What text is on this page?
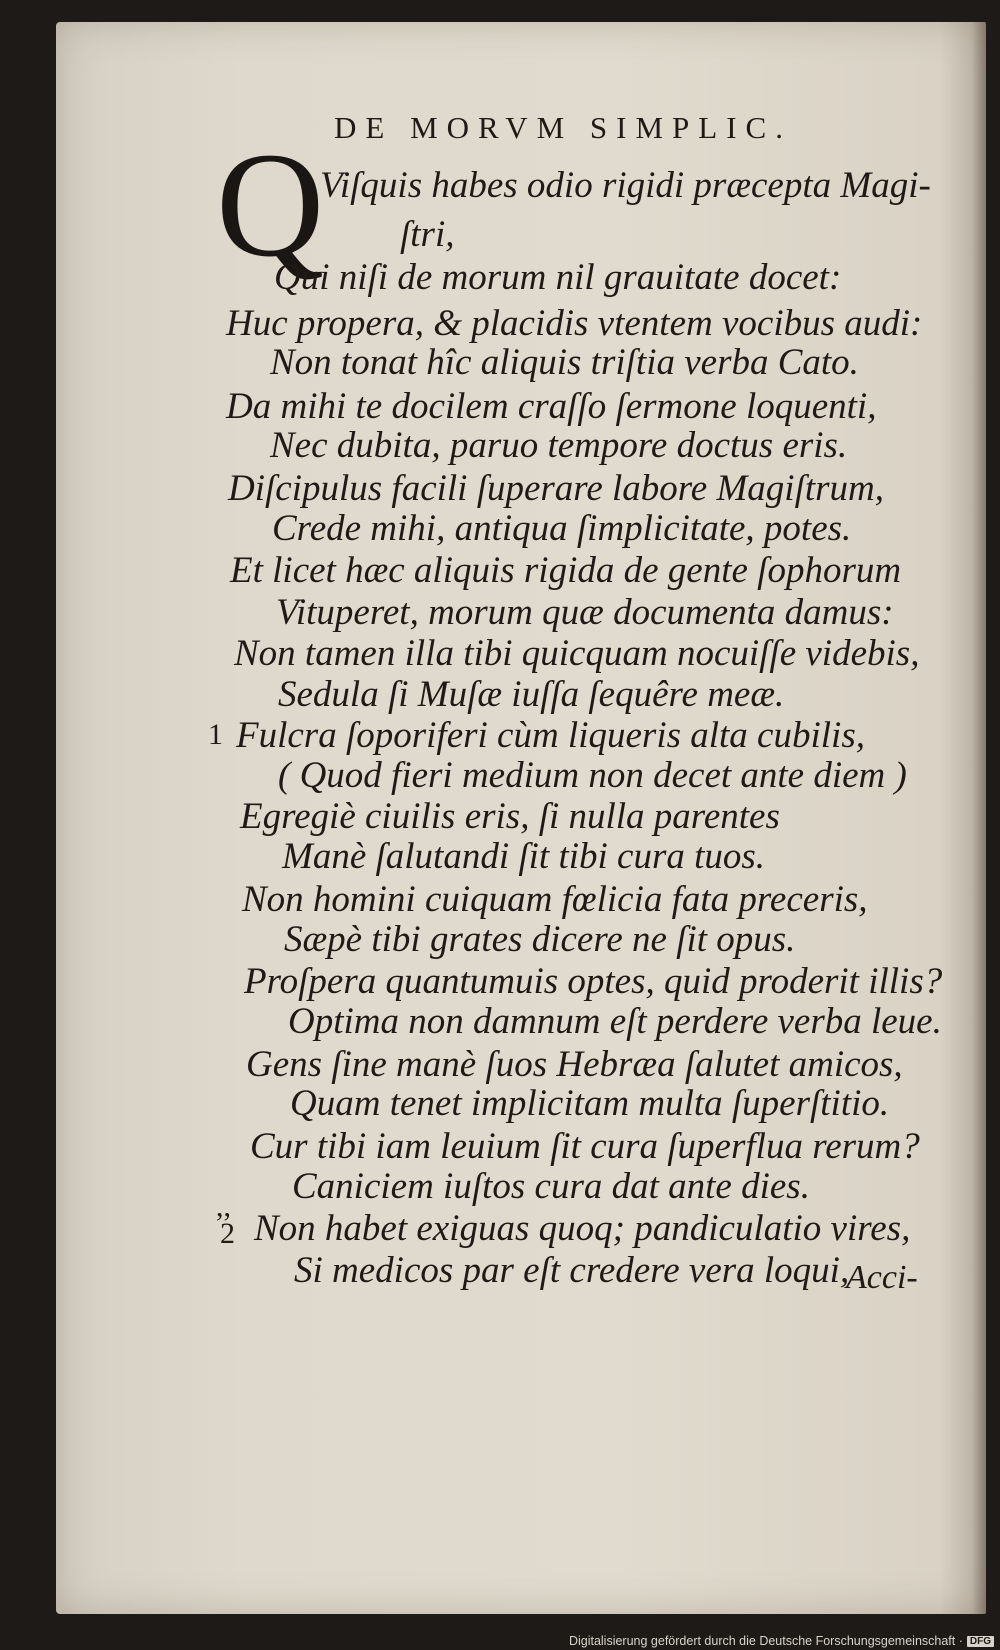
DE MORVM SIMPLIC.
Q
Viſquis habes odio rigidi præcepta Magi-
ſtri,
Qui niſi de morum nil grauitate docet:
Huc propera, & placidis vtentem vocibus audi:
Non tonat hîc aliquis triſtia verba Cato.
Da mihi te docilem craſſo ſermone loquenti,
Nec dubita, paruo tempore doctus eris.
Diſcipulus facili ſuperare labore Magiſtrum,
Crede mihi, antiqua ſimplicitate, potes.
Et licet hæc aliquis rigida de gente ſophorum
Vituperet, morum quæ documenta damus:
Non tamen illa tibi quicquam nocuiſſe videbis,
Sedula ſi Muſæ iuſſa ſequêre meæ.
1 Fulcra ſoporiferi cùm liqueris alta cubilis,
( Quod fieri medium non decet ante diem )
Egregiè ciuilis eris, ſi nulla parentes
Manè ſalutandi ſit tibi cura tuos.
Non homini cuiquam fœlicia fata preceris,
Sæpè tibi grates dicere ne ſit opus.
Proſpera quantumuis optes, quid proderit illis?
Optima non damnum eſt perdere verba leue.
Gens ſine manè ſuos Hebræa ſalutet amicos,
Quam tenet implicitam multa ſuperſtitio.
Cur tibi iam leuium ſit cura ſuperflua rerum?
Caniciem iuſtos cura dat ante dies.
,,
2 Non habet exiguas quoq; pandiculatio vires,
Si medicos par eſt credere vera loqui,
Acci-
Digitalisierung gefördert durch die Deutsche Forschungsgemeinschaft · DFG
